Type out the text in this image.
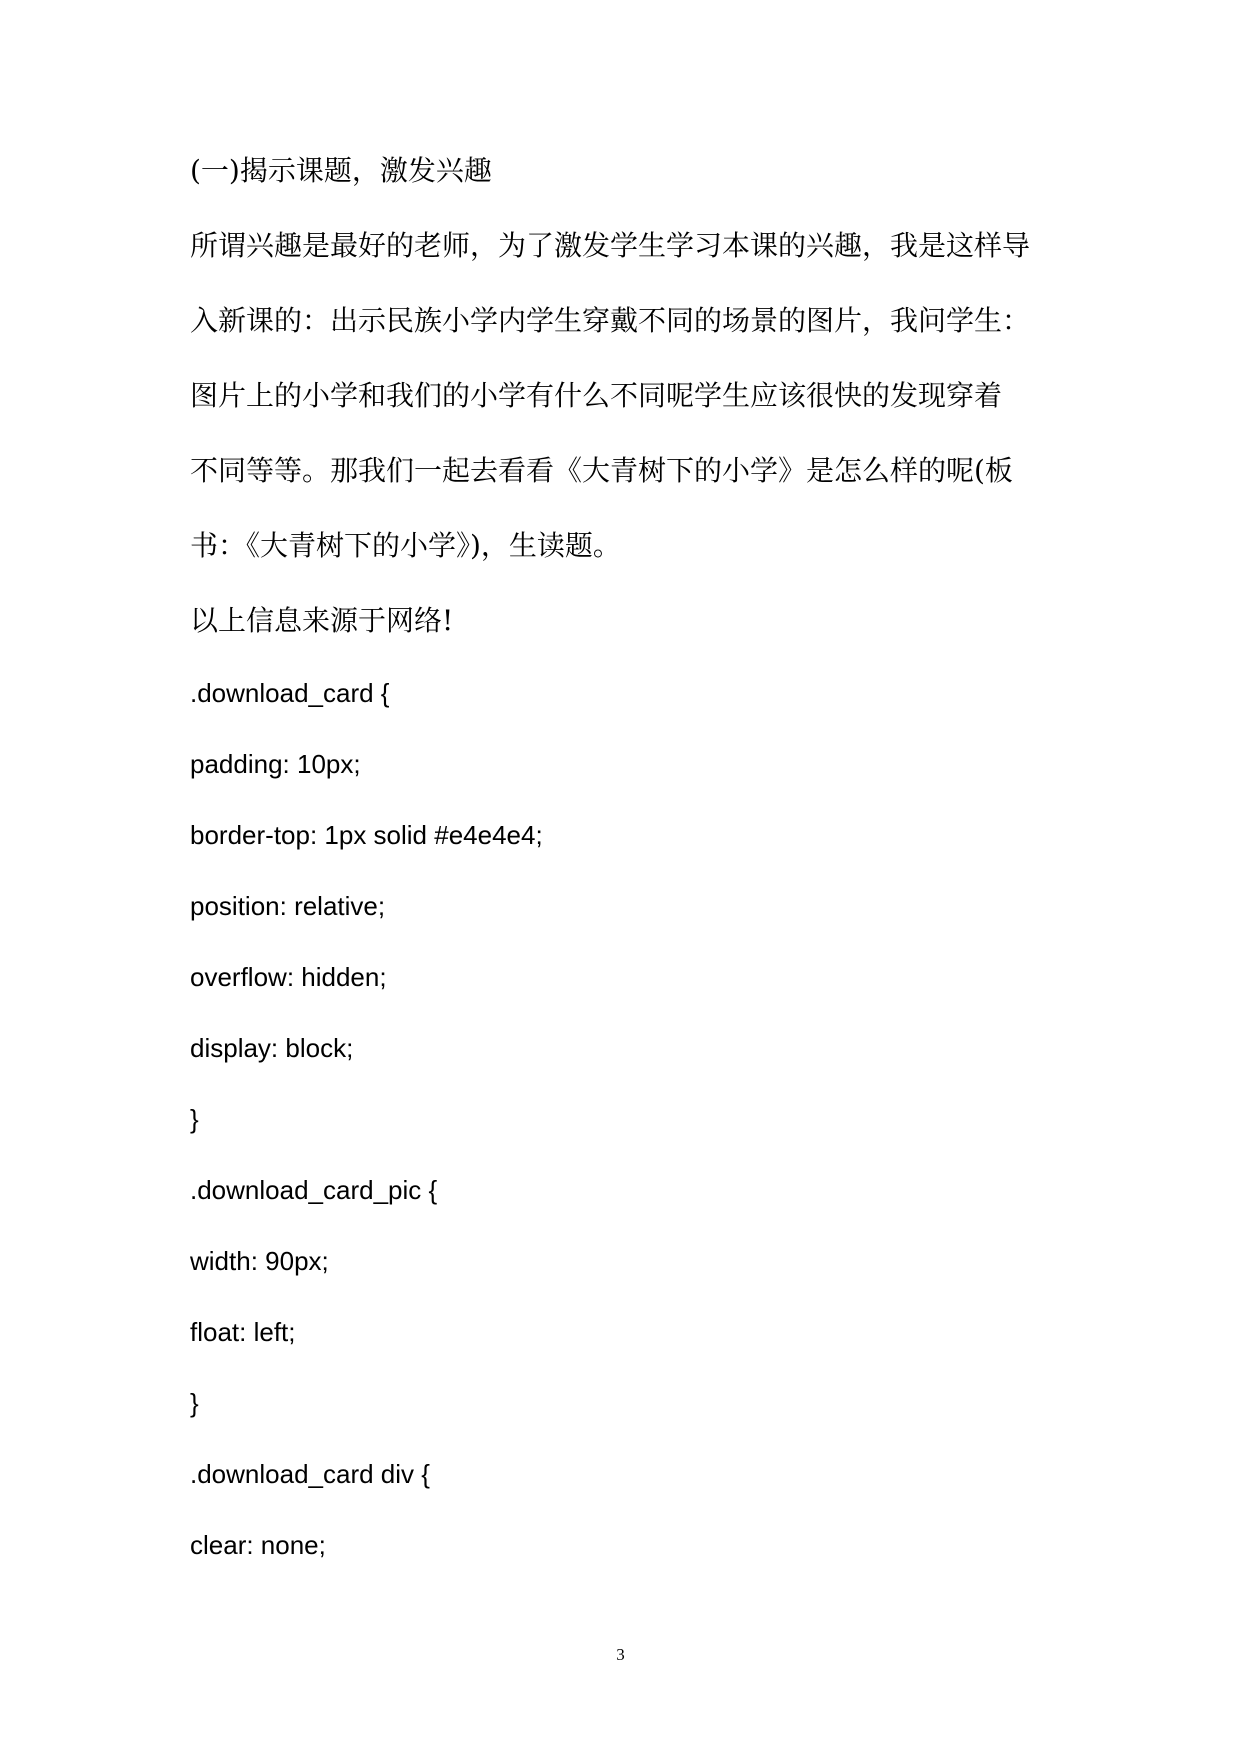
(一)揭示课题，激发兴趣
所谓兴趣是最好的老师，为了激发学生学习本课的兴趣，我是这样导
入新课的：出示民族小学内学生穿戴不同的场景的图片，我问学生：
图片上的小学和我们的小学有什么不同呢学生应该很快的发现穿着
不同等等。那我们一起去看看《大青树下的小学》是怎么样的呢(板
书：《大青树下的小学》)，生读题。
以上信息来源于网络!
.download_card {
padding: 10px;
border-top: 1px solid #e4e4e4;
position: relative;
overflow: hidden;
display: block;
}
.download_card_pic {
width: 90px;
float: left;
}
.download_card div {
clear: none;
3
